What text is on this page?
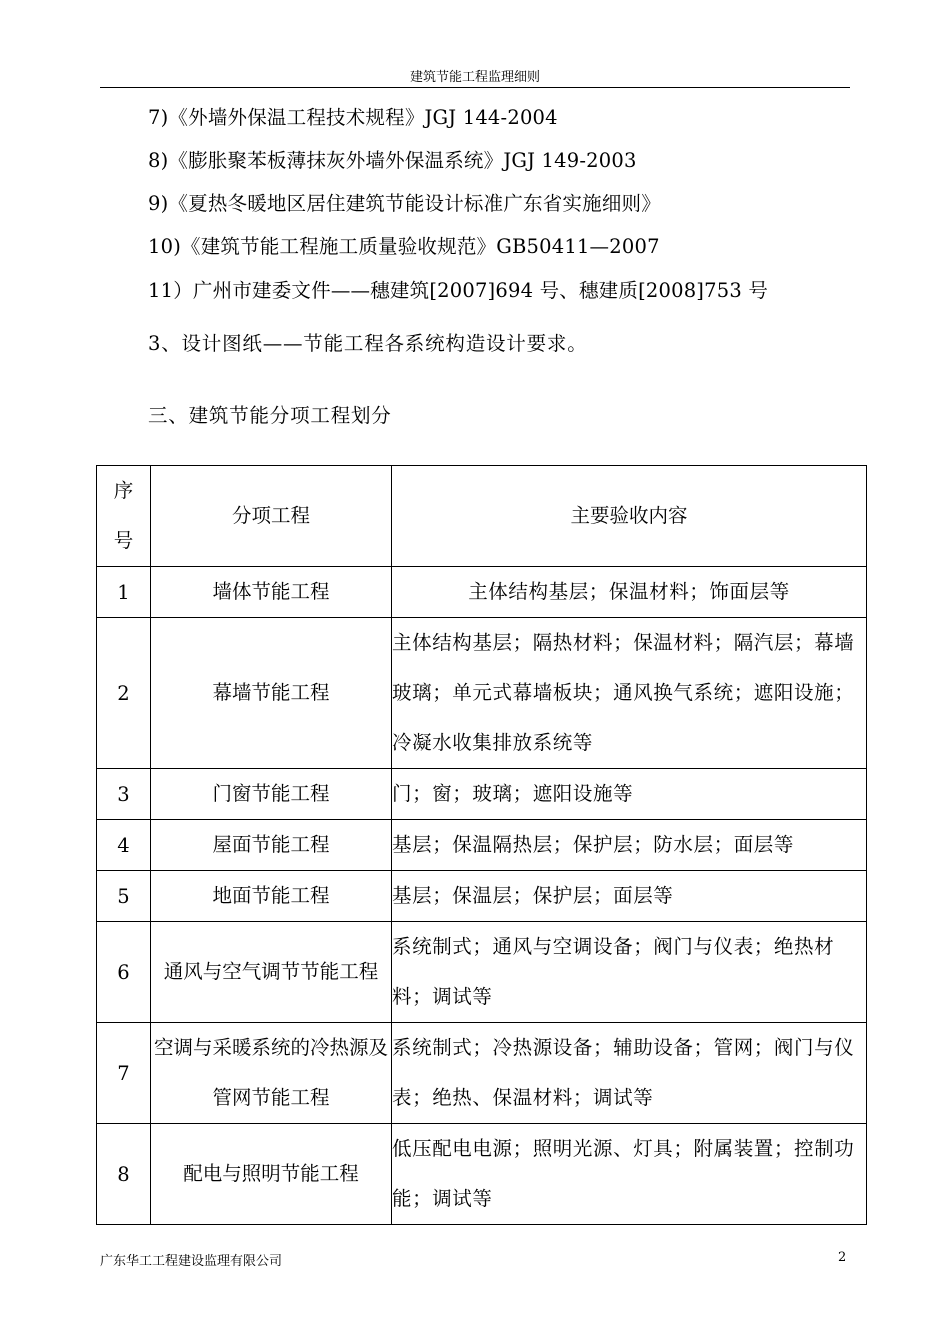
建筑节能工程监理细则
7)《外墙外保温工程技术规程》JGJ 144-2004
8)《膨胀聚苯板薄抹灰外墙外保温系统》JGJ 149-2003
9)《夏热冬暖地区居住建筑节能设计标准广东省实施细则》
10)《建筑节能工程施工质量验收规范》GB50411—2007
11）广州市建委文件——穗建筑[2007]694 号、穗建质[2008]753 号
3、设计图纸——节能工程各系统构造设计要求。
三、建筑节能分项工程划分
序
号	分项工程	主要验收内容
1	墙体节能工程	主体结构基层；保温材料；饰面层等
2	幕墙节能工程	主体结构基层；隔热材料；保温材料；隔汽层；幕墙玻璃；单元式幕墙板块；通风换气系统；遮阳设施；冷凝水收集排放系统等
3	门窗节能工程	门；窗；玻璃；遮阳设施等
4	屋面节能工程	基层；保温隔热层；保护层；防水层；面层等
5	地面节能工程	基层；保温层；保护层；面层等
6	通风与空气调节节能工程	系统制式；通风与空调设备；阀门与仪表；绝热材料；调试等
7	空调与采暖系统的冷热源及管网节能工程	系统制式；冷热源设备；辅助设备；管网；阀门与仪表；绝热、保温材料；调试等
8	配电与照明节能工程	低压配电电源；照明光源、灯具；附属装置；控制功能；调试等
广东华工工程建设监理有限公司	2
